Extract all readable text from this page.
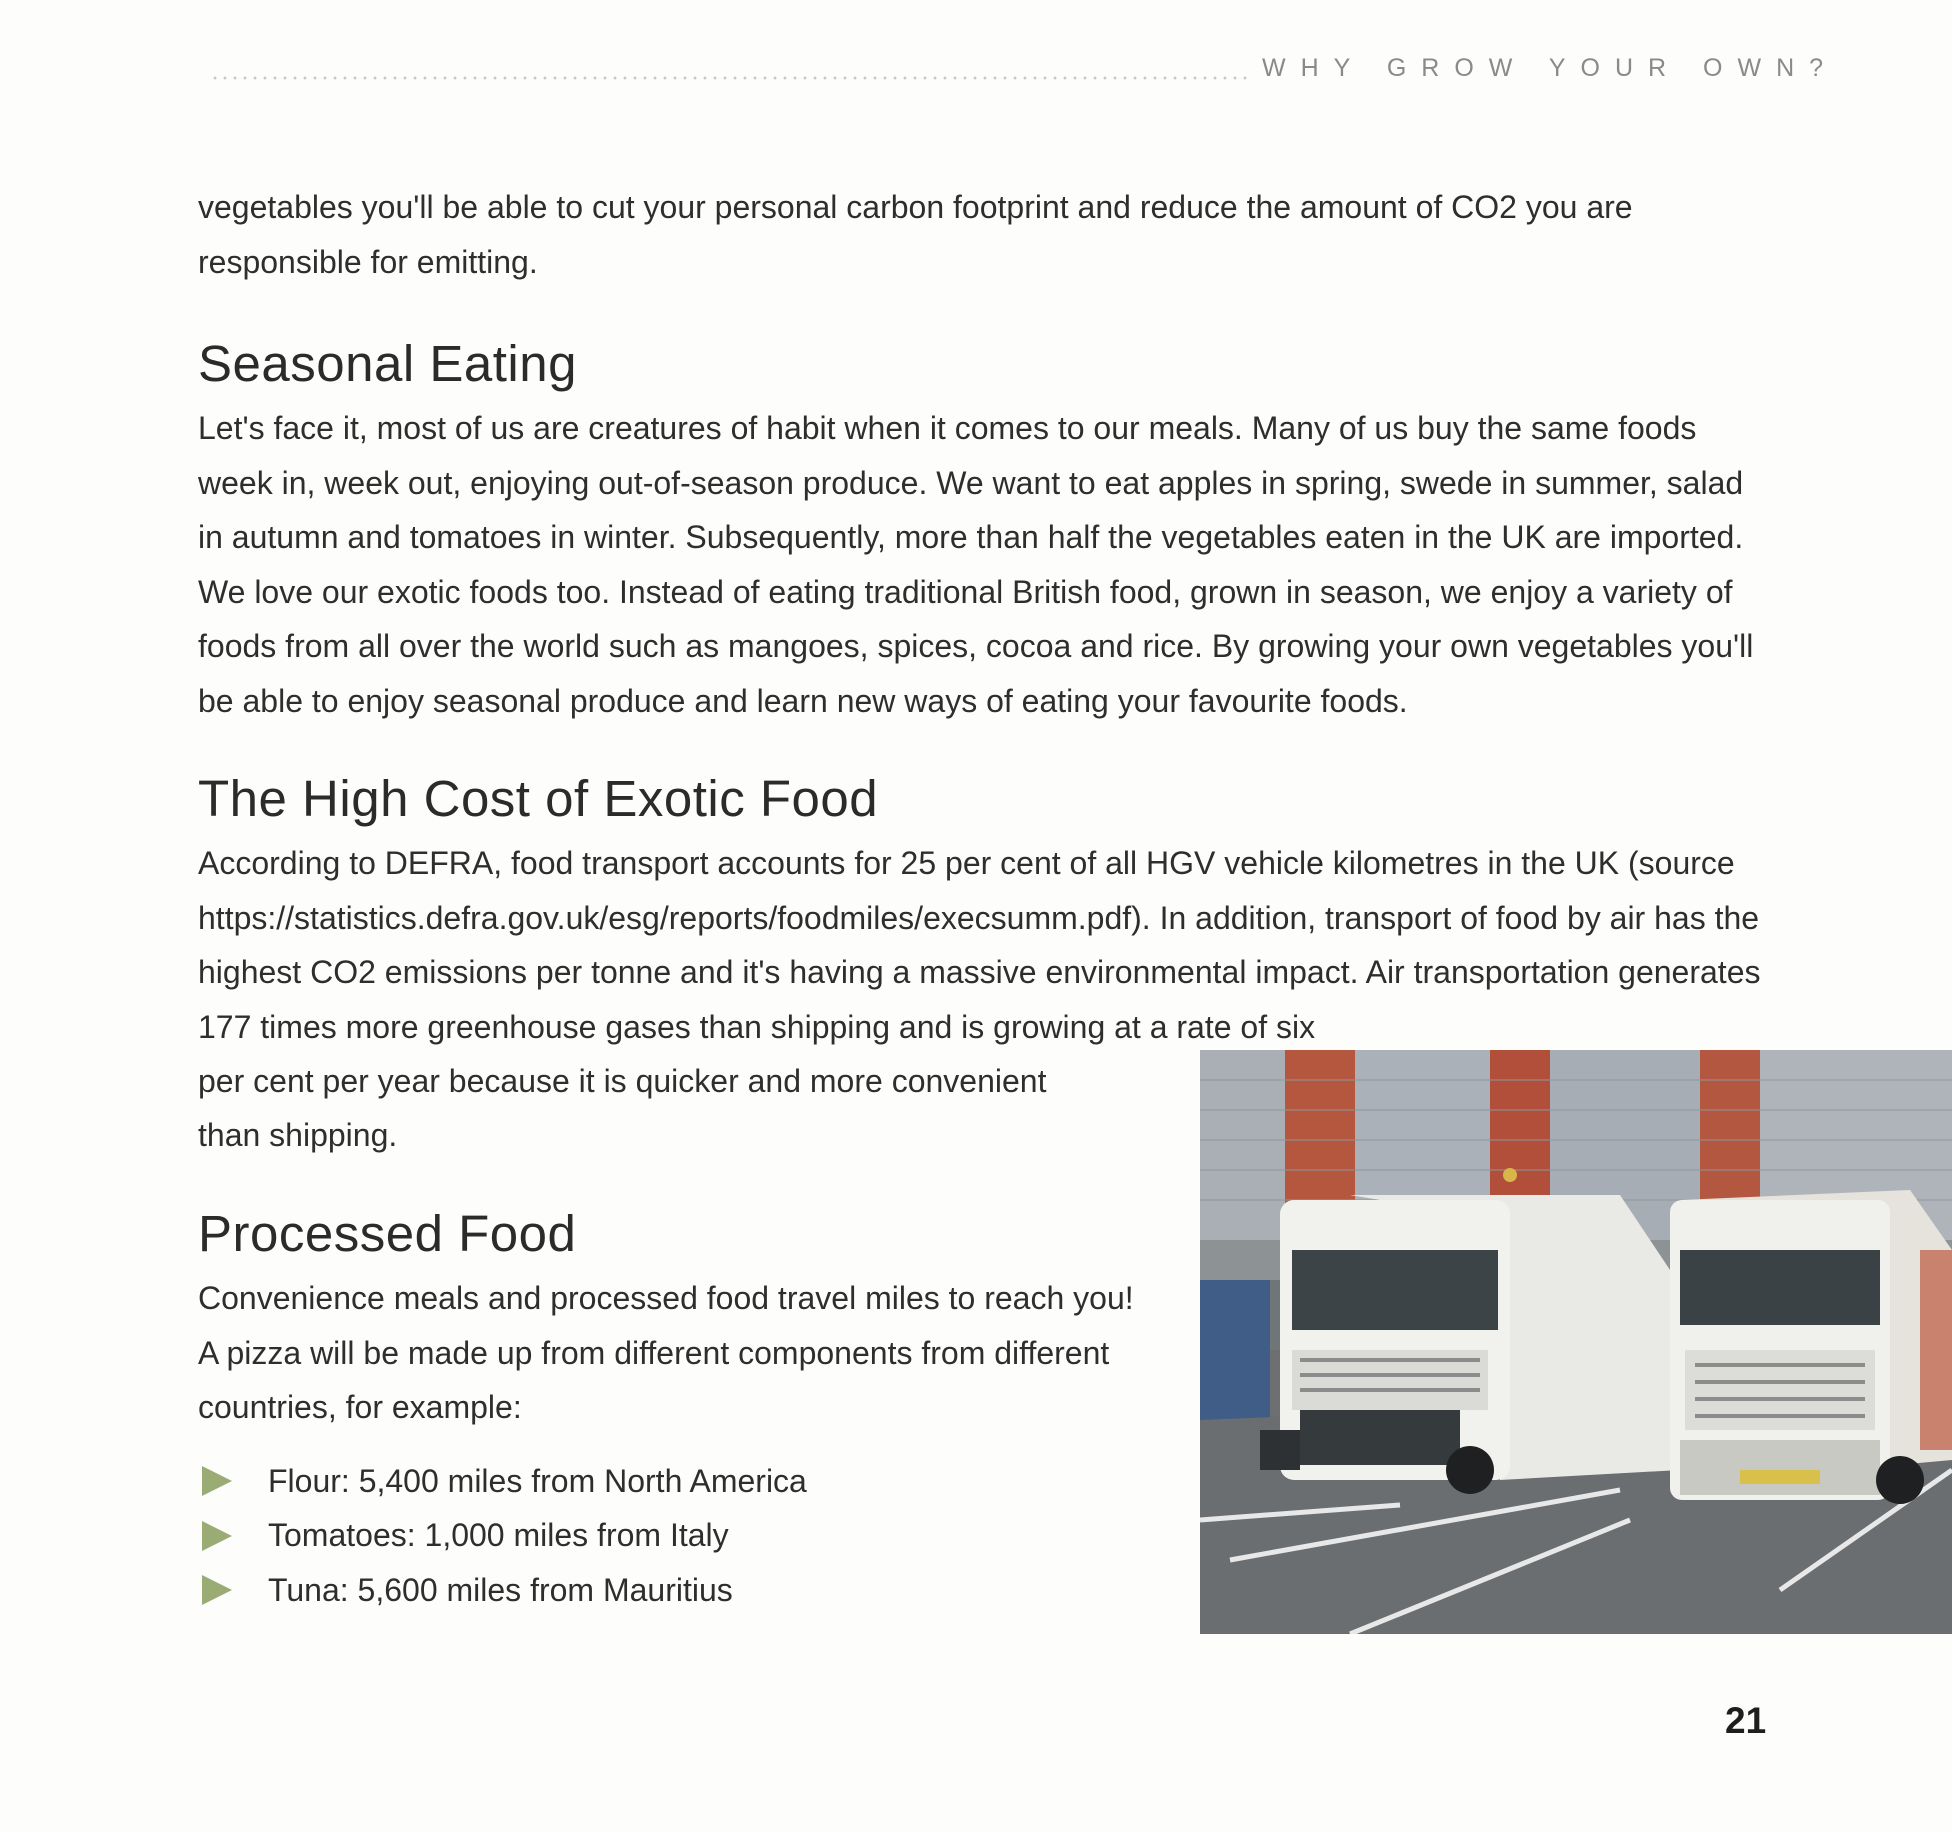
WHY GROW YOUR OWN?

vegetables you'll be able to cut your personal carbon footprint and reduce the amount of CO2 you are responsible for emitting.

Seasonal Eating

Let's face it, most of us are creatures of habit when it comes to our meals. Many of us buy the same foods week in, week out, enjoying out-of-season produce. We want to eat apples in spring, swede in summer, salad in autumn and tomatoes in winter. Subsequently, more than half the vegetables eaten in the UK are imported. We love our exotic foods too. Instead of eating traditional British food, grown in season, we enjoy a variety of foods from all over the world such as mangoes, spices, cocoa and rice. By growing your own vegetables you'll be able to enjoy seasonal produce and learn new ways of eating your favourite foods.

The High Cost of Exotic Food

According to DEFRA, food transport accounts for 25 per cent of all HGV vehicle kilometres in the UK (source https://statistics.defra.gov.uk/esg/reports/foodmiles/execsumm.pdf). In addition, transport of food by air has the highest CO2 emissions per tonne and it's having a massive environmental impact. Air transportation generates 177 times more greenhouse gases than shipping and is growing at a rate of six

per cent per year because it is quicker and more convenient

than shipping.

Processed Food

Convenience meals and processed food travel miles to reach you! A pizza will be made up from different components from different countries, for example:

Flour:
5,400 miles from North America
Tomatoes:
1,000 miles from Italy
Tuna:
5,600 miles from Mauritius
21
